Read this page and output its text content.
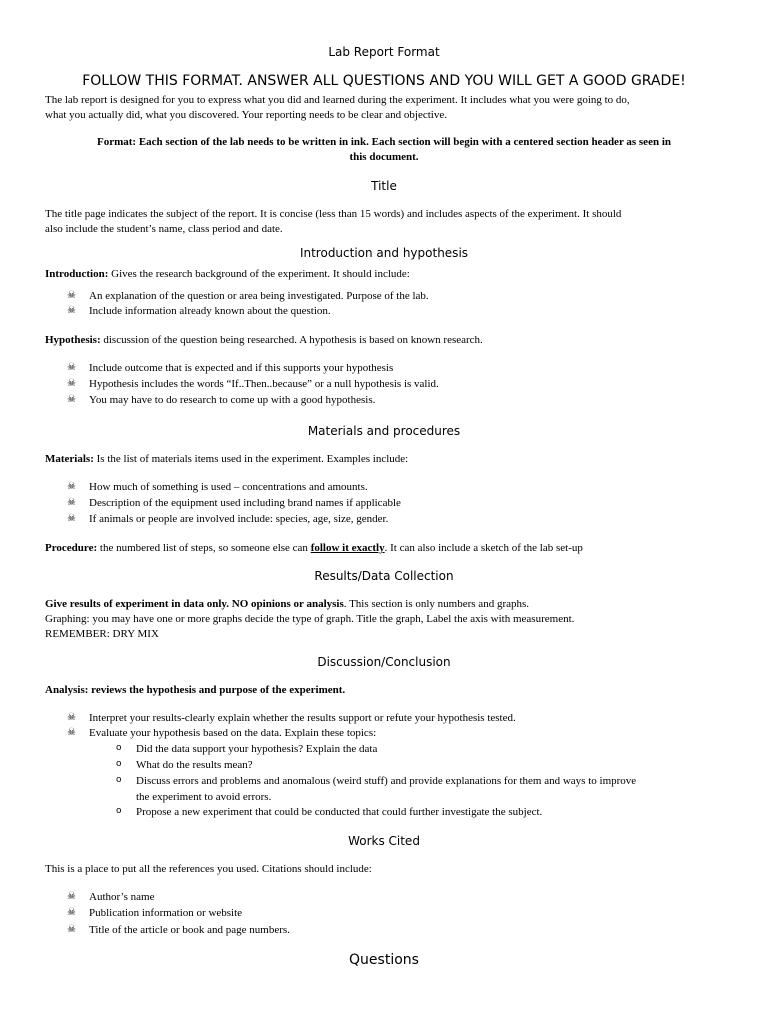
Lab Report Format
FOLLOW THIS FORMAT. ANSWER ALL QUESTIONS AND YOU WILL GET A GOOD GRADE!
The lab report is designed for you to express what you did and learned during the experiment. It includes what you were going to do,
what you actually did, what you discovered. Your reporting needs to be clear and objective.
Format: Each section of the lab needs to be written in ink. Each section will begin with a centered section header as seen in
this document.
Title
The title page indicates the subject of the report. It is concise (less than 15 words) and includes aspects of the experiment. It should
also include the student’s name, class period and date.
Introduction and hypothesis
Introduction: Gives the research background of the experiment. It should include:
☠ An explanation of the question or area being investigated. Purpose of the lab.
☠ Include information already known about the question.
Hypothesis: discussion of the question being researched. A hypothesis is based on known research.
☠ Include outcome that is expected and if this supports your hypothesis
☠ Hypothesis includes the words “If..Then..because” or a null hypothesis is valid.
☠ You may have to do research to come up with a good hypothesis.
Materials and procedures
Materials: Is the list of materials items used in the experiment. Examples include:
☠ How much of something is used – concentrations and amounts.
☠ Description of the equipment used including brand names if applicable
☠ If animals or people are involved include: species, age, size, gender.
Procedure: the numbered list of steps, so someone else can follow it exactly. It can also include a sketch of the lab set-up
Results/Data Collection
Give results of experiment in data only. NO opinions or analysis. This section is only numbers and graphs.
Graphing: you may have one or more graphs decide the type of graph. Title the graph, Label the axis with measurement.
REMEMBER: DRY MIX
Discussion/Conclusion
Analysis: reviews the hypothesis and purpose of the experiment.
☠ Interpret your results-clearly explain whether the results support or refute your hypothesis tested.
☠ Evaluate your hypothesis based on the data. Explain these topics:
o Did the data support your hypothesis? Explain the data
o What do the results mean?
o Discuss errors and problems and anomalous (weird stuff) and provide explanations for them and ways to improve
the experiment to avoid errors.
o Propose a new experiment that could be conducted that could further investigate the subject.
Works Cited
This is a place to put all the references you used. Citations should include:
☠ Author’s name
☠ Publication information or website
☠ Title of the article or book and page numbers.
Questions
